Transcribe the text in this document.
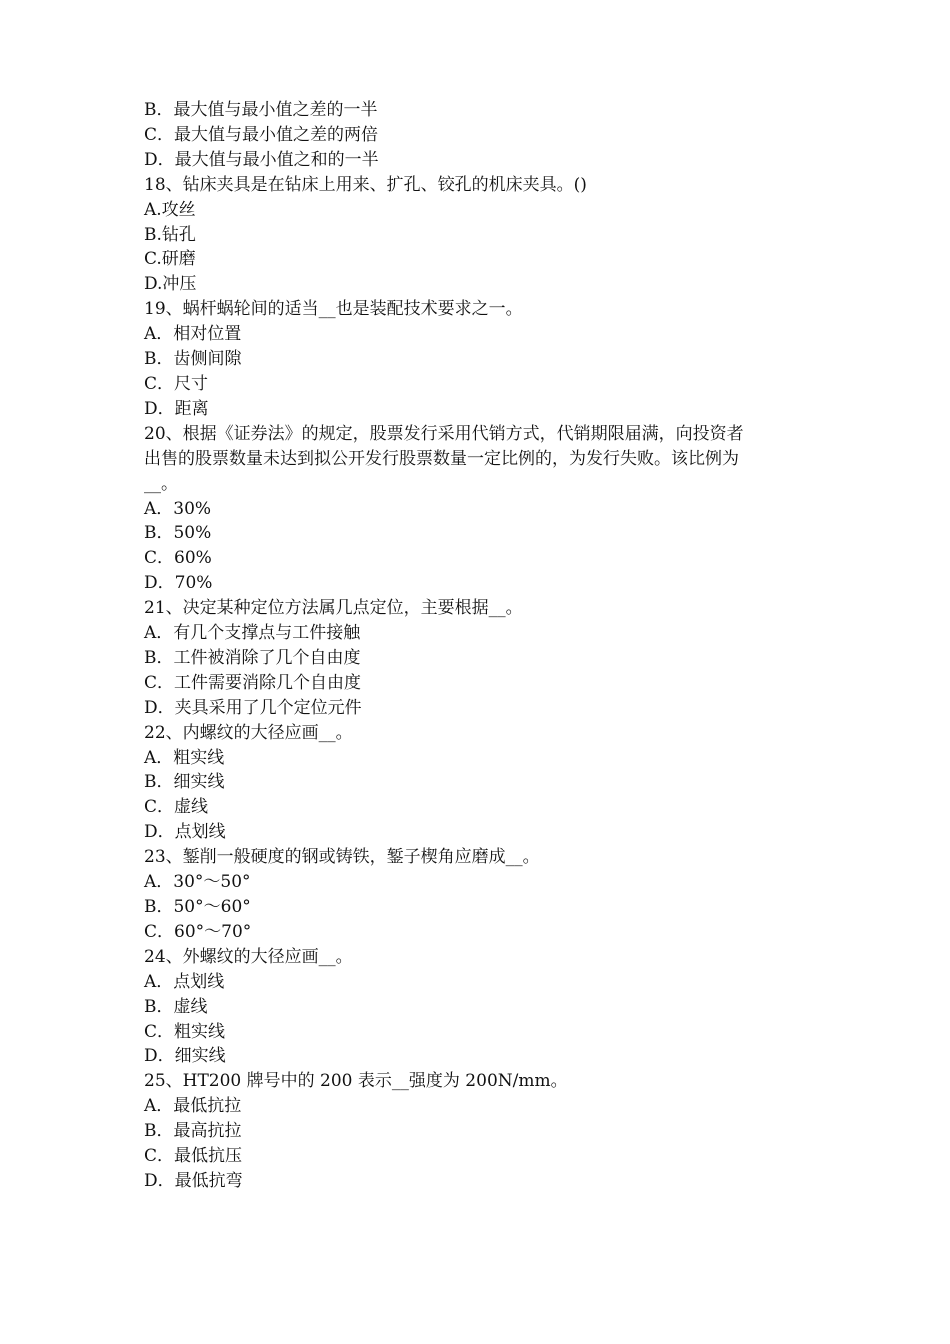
B．最大值与最小值之差的一半

C．最大值与最小值之差的两倍

D．最大值与最小值之和的一半

18、钻床夹具是在钻床上用来、扩孔、铰孔的机床夹具。()

A.攻丝

B.钻孔

C.研磨

D.冲压

19、蜗杆蜗轮间的适当__也是装配技术要求之一。

A．相对位置

B．齿侧间隙

C．尺寸

D．距离

20、根据《证券法》的规定，股票发行采用代销方式，代销期限届满，向投资者

出售的股票数量未达到拟公开发行股票数量一定比例的，为发行失败。该比例为

__。

A．30%

B．50%

C．60%

D．70%

21、决定某种定位方法属几点定位，主要根据__。

A．有几个支撑点与工件接触

B．工件被消除了几个自由度

C．工件需要消除几个自由度

D．夹具采用了几个定位元件

22、内螺纹的大径应画__。

A．粗实线

B．细实线

C．虚线

D．点划线

23、錾削一般硬度的钢或铸铁，錾子楔角应磨成__。

A．30°～50°

B．50°～60°

C．60°～70°

24、外螺纹的大径应画__。

A．点划线

B．虚线

C．粗实线

D．细实线

25、HT200 牌号中的 200 表示__强度为 200N/mm。

A．最低抗拉

B．最高抗拉

C．最低抗压

D．最低抗弯
